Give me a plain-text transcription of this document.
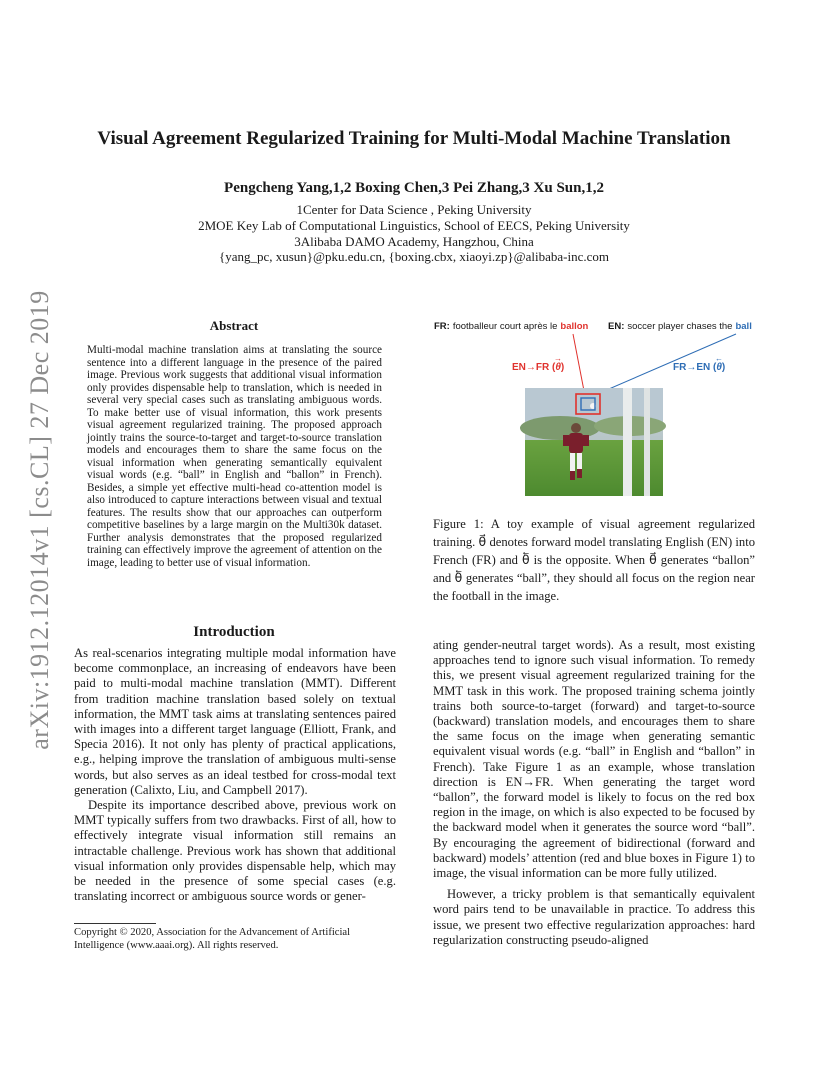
arXiv:1912.12014v1 [cs.CL] 27 Dec 2019
Visual Agreement Regularized Training for Multi-Modal Machine Translation
Pengcheng Yang,1,2 Boxing Chen,3 Pei Zhang,3 Xu Sun,1,2
1Center for Data Science , Peking University
2MOE Key Lab of Computational Linguistics, School of EECS, Peking University
3Alibaba DAMO Academy, Hangzhou, China
{yang_pc, xusun}@pku.edu.cn, {boxing.cbx, xiaoyi.zp}@alibaba-inc.com
Abstract
Multi-modal machine translation aims at translating the source sentence into a different language in the presence of the paired image. Previous work suggests that additional visual information only provides dispensable help to translation, which is needed in several very special cases such as translating ambiguous words. To make better use of visual information, this work presents visual agreement regularized training. The proposed approach jointly trains the source-to-target and target-to-source translation models and encourages them to share the same focus on the visual information when generating semantically equivalent visual words (e.g. “ball” in English and “ballon” in French). Besides, a simple yet effective multi-head co-attention model is also introduced to capture interactions between visual and textual features. The results show that our approaches can outperform competitive baselines by a large margin on the Multi30k dataset. Further analysis demonstrates that the proposed regularized training can effectively improve the agreement of attention on the image, leading to better use of visual information.
Introduction

As real-scenarios integrating multiple modal information have become commonplace, an increasing of endeavors have been paid to multi-modal machine translation (MMT). Different from tradition machine translation based solely on textual information, the MMT task aims at translating sentences paired with images into a different target language (Elliott, Frank, and Specia 2016). It not only has plenty of practical applications, e.g., helping improve the translation of ambiguous multi-sense words, but also serves as an ideal testbed for cross-modal text generation (Calixto, Liu, and Campbell 2017).

Despite its importance described above, previous work on MMT typically suffers from two drawbacks. First of all, how to effectively integrate visual information still remains an intractable challenge. Previous work has shown that additional visual information only provides dispensable help, which may be needed in the presence of some special cases (e.g. translating incorrect or ambiguous source words or gener-

Copyright © 2020, Association for the Advancement of Artificial Intelligence (www.aaai.org). All rights reserved.

ating gender-neutral target words). As a result, most existing approaches tend to ignore such visual information. To remedy this, we present visual agreement regularized training for the MMT task in this work. The proposed training schema jointly trains both source-to-target (forward) and target-to-source (backward) translation models, and encourages them to share the same focus on the image when generating semantic equivalent visual words (e.g. “ball” in English and “ballon” in French). Take Figure 1 as an example, whose translation direction is EN→FR. When generating the target word “ballon”, the forward model is likely to focus on the red box region in the image, on which is also expected to be focused by the backward model when it generates the source word “ball”. By encouraging the agreement of bidirectional (forward and backward) models’ attention (red and blue boxes in Figure 1) to image, the visual information can be more fully utilized.

However, a tricky problem is that semantically equivalent word pairs tend to be unavailable in practice. To address this issue, we present two effective regularization approaches: hard regularization constructing pseudo-aligned

FR: footballeur court après le ballon EN: soccer player chases the ball
EN→FR (θ)
→
FR→EN (θ)
←
Figure 1: A toy example of visual agreement regularized training. θ⃗ denotes forward model translating English (EN) into French (FR) and θ⃖ is the opposite. When θ⃗ generates “ballon” and θ⃖ generates “ball”, they should all focus on the region near the football in the image.
